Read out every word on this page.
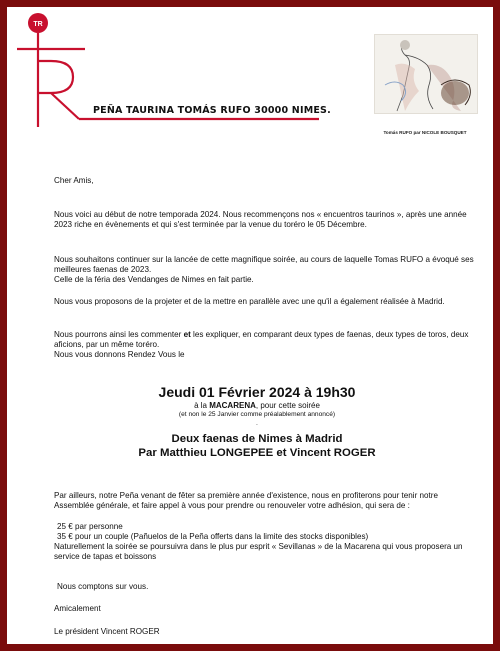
TR
PEÑA TAURINA TOMÁS RUFO 30000 NIMES.
Tomás RUFO par NICOLE BOUSQUET

Cher Amis,

Nous voici au début de notre temporada 2024. Nous recommençons nos « encuentros taurinos », après une année 2023 riche en évènements et qui s'est terminée par la venue du toréro le 05 Décembre.

Nous souhaitons continuer sur la lancée de cette magnifique soirée, au cours de laquelle Tomas RUFO a évoqué ses meilleures faenas de 2023.

Celle de la féria des Vendanges de Nimes en fait partie.

Nous vous proposons de la projeter et de la mettre en parallèle avec une qu'il a également réalisée à Madrid.

Nous pourrons ainsi les commenter et les expliquer, en comparant deux types de faenas, deux types de toros, deux aficions, par un même toréro.

Nous vous donnons Rendez Vous le

Jeudi 01 Février 2024 à 19h30
à la MACARENA, pour cette soirée
(et non le 25 Janvier comme préalablement annoncé)
.
Deux faenas de Nimes à Madrid
Par Matthieu LONGEPEE et Vincent ROGER

Par ailleurs, notre Peña venant de fêter sa première année d'existence, nous en profiterons pour tenir notre Assemblée générale, et faire appel à vous pour prendre ou renouveler votre adhésion, qui sera de :

25 € par personne

35 € pour un couple (Pañuelos de la Peña offerts dans la limite des stocks disponibles)

Naturellement la soirée se poursuivra dans le plus pur esprit « Sevillanas » de la Macarena qui vous proposera un service de tapas et boissons

Nous comptons sur vous.

Amicalement

Le président Vincent ROGER
